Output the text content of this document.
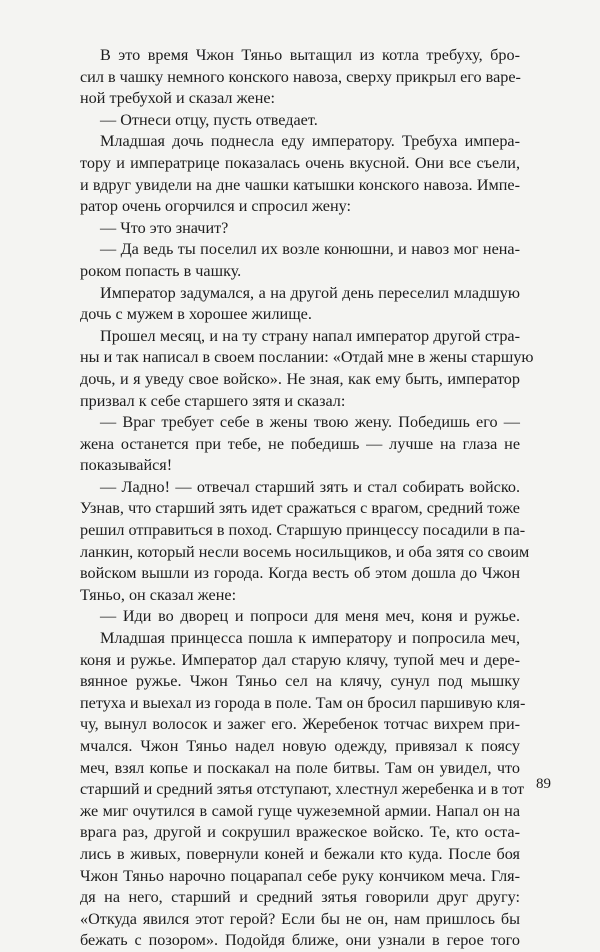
В это время Чжон Тяньо вытащил из котла требуху, бро-
сил в чашку немного конского навоза, сверху прикрыл его варе-
ной требухой и сказал жене:
— Отнеси отцу, пусть отведает.
Младшая дочь поднесла еду императору. Требуха импера-
тору и императрице показалась очень вкусной. Они все съели,
и вдруг увидели на дне чашки катышки конского навоза. Импе-
ратор очень огорчился и спросил жену:
— Что это значит?
— Да ведь ты поселил их возле конюшни, и навоз мог нена-
роком попасть в чашку.
Император задумался, а на другой день переселил младшую
дочь с мужем в хорошее жилище.
Прошел месяц, и на ту страну напал император другой стра-
ны и так написал в своем послании: «Отдай мне в жены старшую
дочь, и я уведу свое войско». Не зная, как ему быть, император
призвал к себе старшего зятя и сказал:
— Враг требует себе в жены твою жену. Победишь его —
жена останется при тебе, не победишь — лучше на глаза не
показывайся!
— Ладно! — отвечал старший зять и стал собирать войско.
Узнав, что старший зять идет сражаться с врагом, средний тоже
решил отправиться в поход. Старшую принцессу посадили в па-
ланкин, который несли восемь носильщиков, и оба зятя со своим
войском вышли из города. Когда весть об этом дошла до Чжон
Тяньо, он сказал жене:
— Иди во дворец и попроси для меня меч, коня и ружье.
Младшая принцесса пошла к императору и попросила меч,
коня и ружье. Император дал старую клячу, тупой меч и дере-
вянное ружье. Чжон Тяньо сел на клячу, сунул под мышку
петуха и выехал из города в поле. Там он бросил паршивую кля-
чу, вынул волосок и зажег его. Жеребенок тотчас вихрем при-
мчался. Чжон Тяньо надел новую одежду, привязал к поясу
меч, взял копье и поскакал на поле битвы. Там он увидел, что
старший и средний зятья отступают, хлестнул жеребенка и в тот
же миг очутился в самой гуще чужеземной армии. Напал он на
врага раз, другой и сокрушил вражеское войско. Те, кто оста-
лись в живых, повернули коней и бежали кто куда. После боя
Чжон Тяньо нарочно поцарапал себе руку кончиком меча. Гля-
дя на него, старший и средний зятья говорили друг другу:
«Откуда явился этот герой? Если бы не он, нам пришлось бы
бежать с позором». Подойдя ближе, они узнали в герое того
89
